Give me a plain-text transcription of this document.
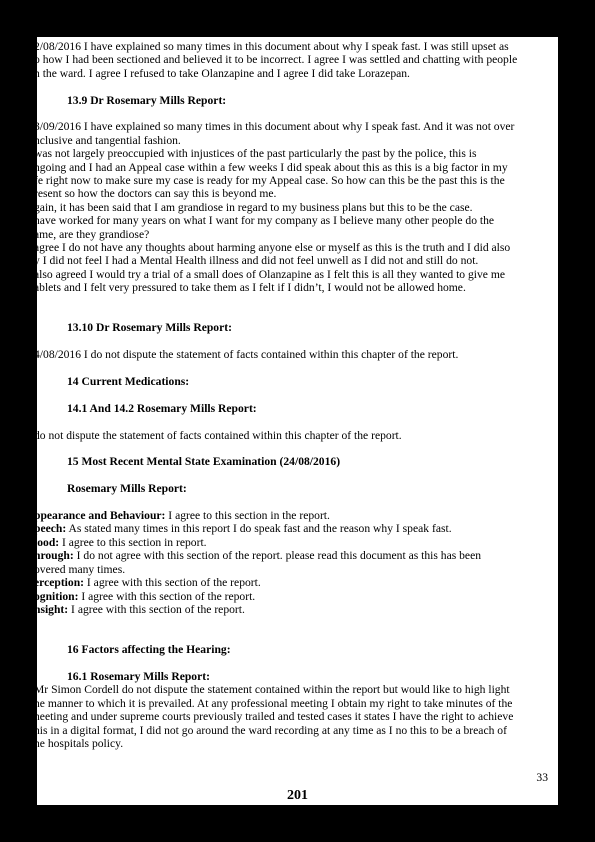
2/08/2016 I have explained so many times in this document about why I speak fast. I was still upset as

o how I had been sectioned and believed it to be incorrect. I agree I was settled and chatting with people

n the ward. I agree I refused to take Olanzapine and I agree I did take Lorazepan.

13.9 Dr Rosemary Mills Report:

3/09/2016 I have explained so many times in this document about why I speak fast. And it was not over

nclusive and tangential fashion.

was not largely preoccupied with injustices of the past particularly the past by the police, this is

ngoing and I had an Appeal case within a few weeks I did speak about this as this is a big factor in my

fe right now to make sure my case is ready for my Appeal case. So how can this be the past this is the

resent so how the doctors can say this is beyond me.

gain, it has been said that I am grandiose in regard to my business plans but this to be the case.

have worked for many years on what I want for my company as I believe many other people do the

ame, are they grandiose?

agree I do not have any thoughts about harming anyone else or myself as this is the truth and I did also

y I did not feel I had a Mental Health illness and did not feel unwell as I did not and still do not.

also agreed I would try a trial of a small does of Olanzapine as I felt this is all they wanted to give me

ablets and I felt very pressured to take them as I felt if I didn’t, I would not be allowed home.

13.10 Dr Rosemary Mills Report:

4/08/2016 I do not dispute the statement of facts contained within this chapter of the report.

14 Current Medications:

14.1 And 14.2 Rosemary Mills Report:

do not dispute the statement of facts contained within this chapter of the report.

15 Most Recent Mental State Examination (24/08/2016)

Rosemary Mills Report:

ppearance and Behaviour: I agree to this section in the report.

peech: As stated many times in this report I do speak fast and the reason why I speak fast.

lood: I agree to this section in report.

hrough: I do not agree with this section of the report. please read this document as this has been

overed many times.

erception: I agree with this section of the report.

ognition: I agree with this section of the report.

nsight: I agree with this section of the report.

16 Factors affecting the Hearing:

16.1 Rosemary Mills Report:

Mr Simon Cordell do not dispute the statement contained within the report but would like to high light

he manner to which it is prevailed. At any professional meeting I obtain my right to take minutes of the

neeting and under supreme courts previously trailed and tested cases it states I have the right to achieve

his in a digital format, I did not go around the ward recording at any time as I no this to be a breach of

he hospitals policy.

33
201
